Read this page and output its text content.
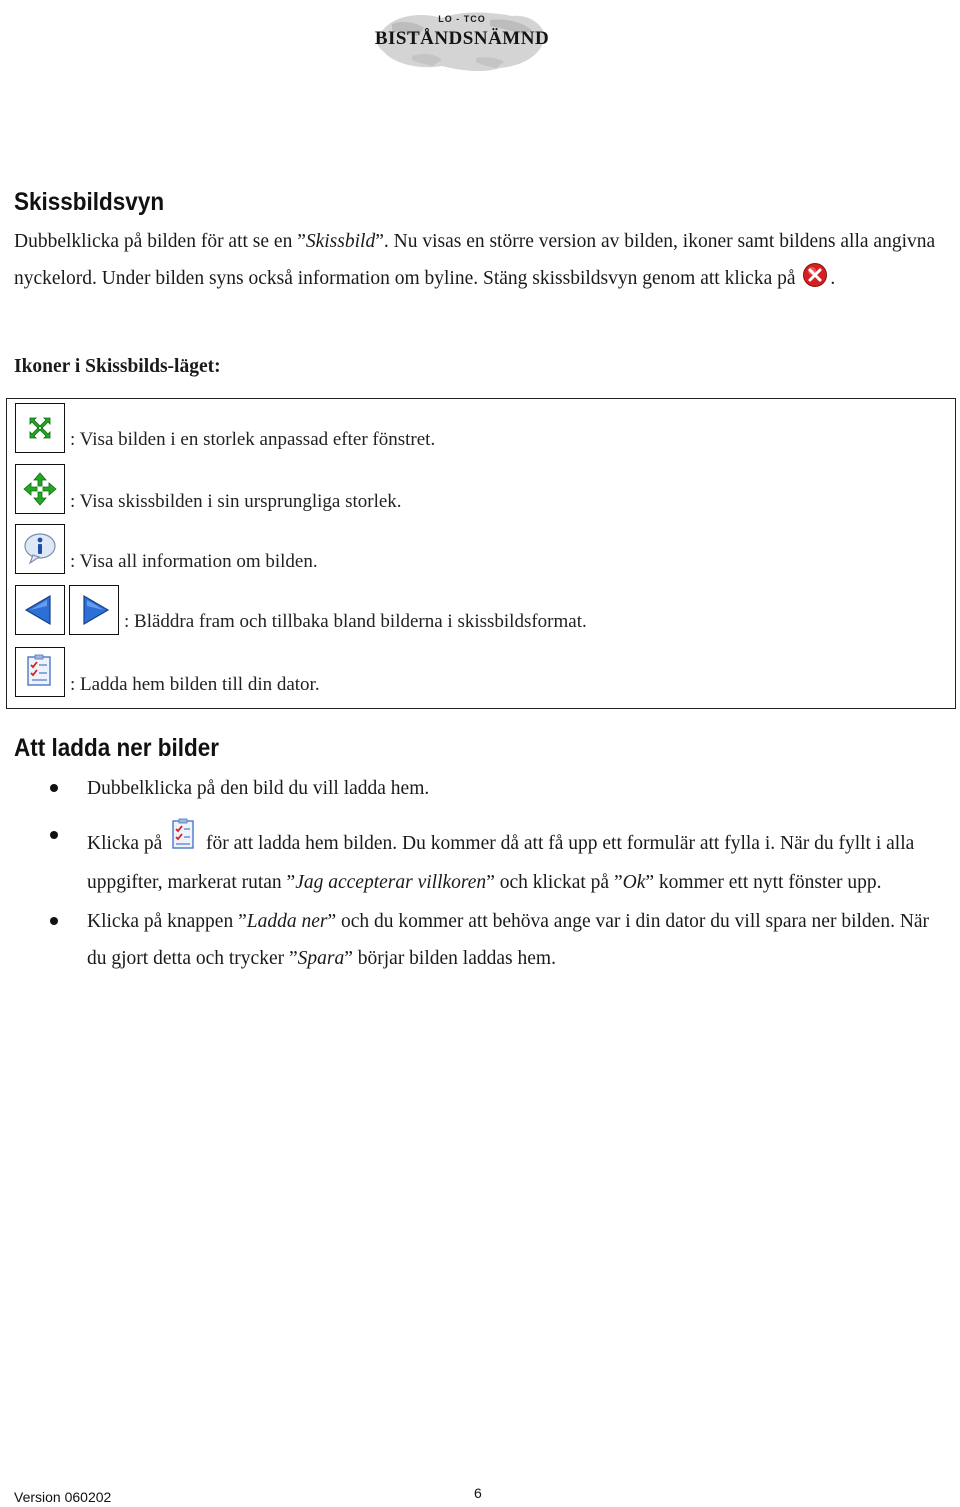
LO - TCO
BISTÅNDSNÄMND
Skissbildsvyn

Dubbelklicka på bilden för att se en ”Skissbild”. Nu visas en större version av bilden, ikoner samt bildens alla angivna nyckelord. Under bilden syns också information om byline. Stäng skissbildsvyn genom att klicka på .

Ikoner i Skissbilds-läget:
: Visa bilden i en storlek anpassad efter fönstret.
: Visa skissbilden i sin ursprungliga storlek.
: Visa all information om bilden.
: Bläddra fram och tillbaka bland bilderna i skissbildsformat.
: Ladda hem bilden till din dator.
Att ladda ner bilder
Dubbelklicka på den bild du vill ladda hem.
Klicka på för att ladda hem bilden. Du kommer då att få upp ett formulär att fylla i. När du fyllt i alla uppgifter, markerat rutan ”Jag accepterar villkoren” och klickat på ”Ok” kommer ett nytt fönster upp.
Klicka på knappen ”Ladda ner” och du kommer att behöva ange var i din dator du vill spara ner bilden. När du gjort detta och trycker ”Spara” börjar bilden laddas hem.
Version 060202	6
